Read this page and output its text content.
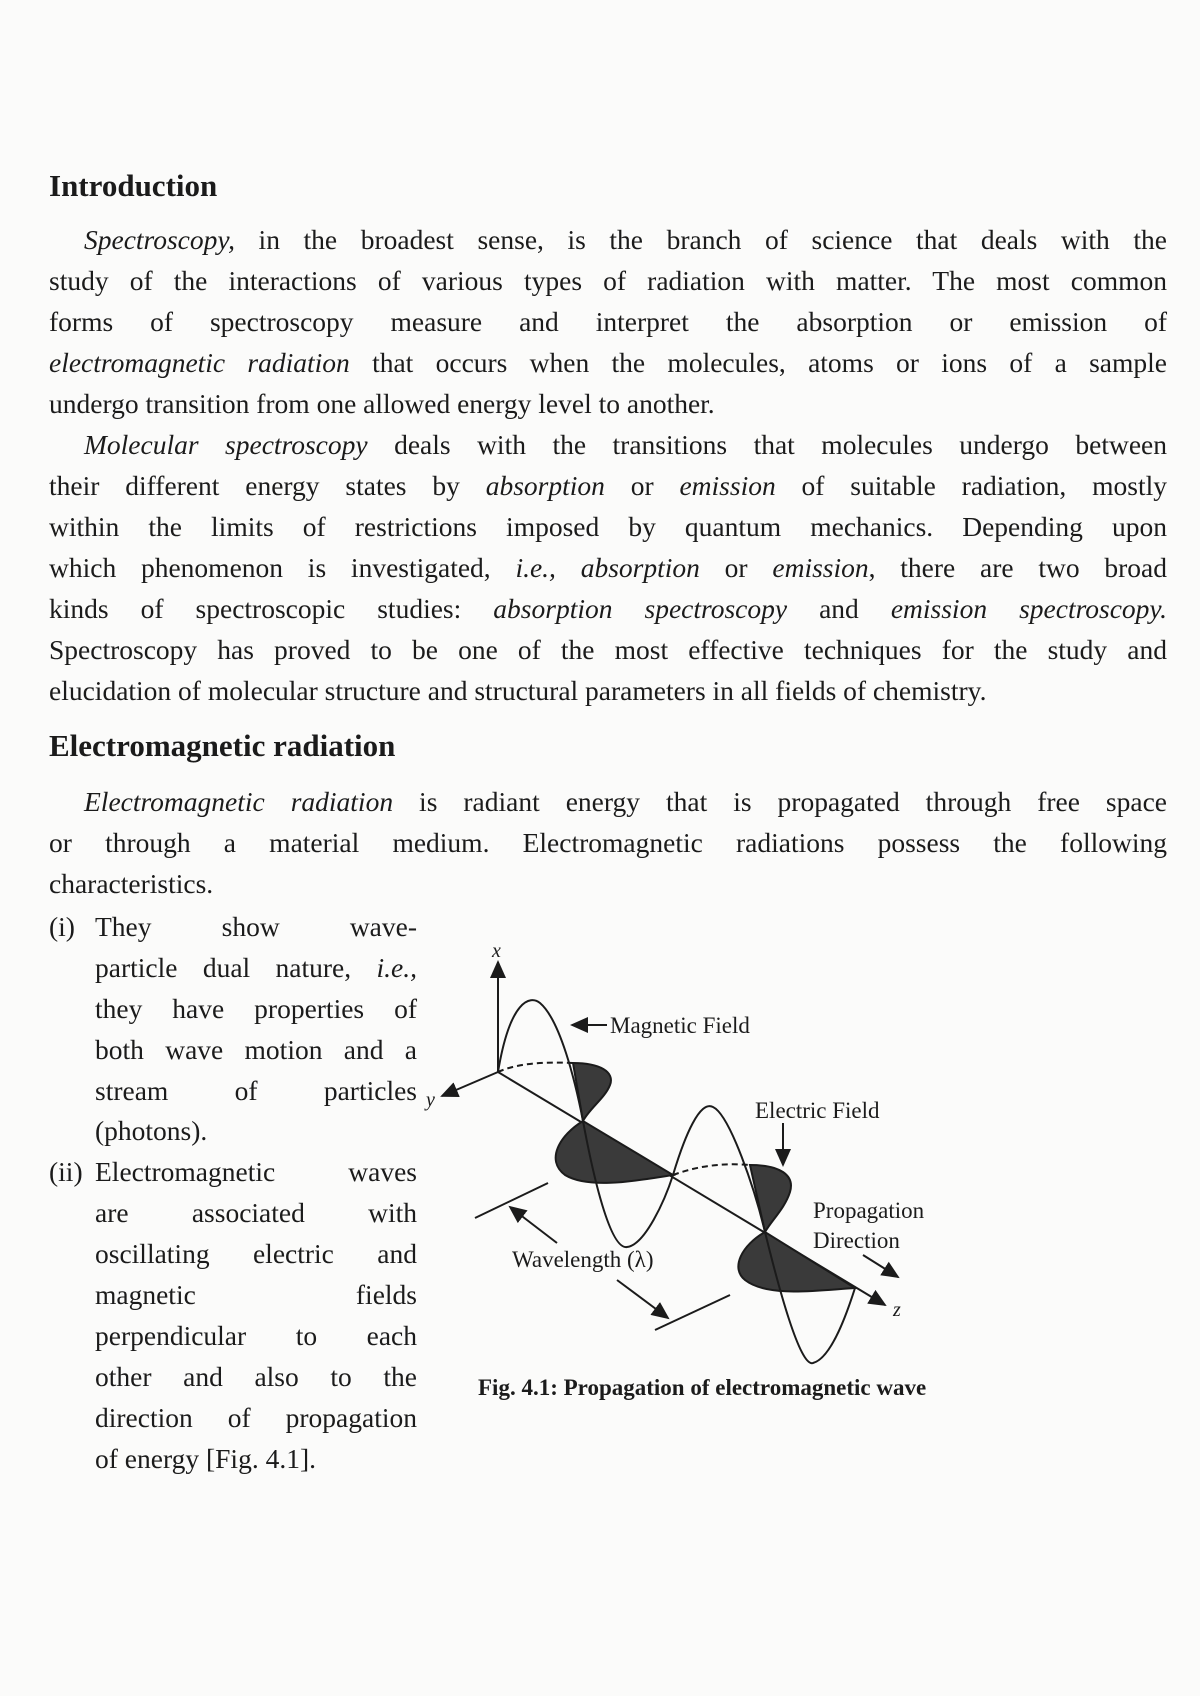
Introduction
Spectroscopy, in the broadest sense, is the branch of science that deals with the
study of the interactions of various types of radiation with matter. The most common
forms of spectroscopy measure and interpret the absorption or emission of
electromagnetic radiation that occurs when the molecules, atoms or ions of a sample
undergo transition from one allowed energy level to another.
Molecular spectroscopy deals with the transitions that molecules undergo between
their different energy states by absorption or emission of suitable radiation, mostly
within the limits of restrictions imposed by quantum mechanics. Depending upon
which phenomenon is investigated, i.e., absorption or emission, there are two broad
kinds of spectroscopic studies: absorption spectroscopy and emission spectroscopy.
Spectroscopy has proved to be one of the most effective techniques for the study and
elucidation of molecular structure and structural parameters in all fields of chemistry.
Electromagnetic radiation
Electromagnetic radiation is radiant energy that is propagated through free space
or through a material medium. Electromagnetic radiations possess the following
characteristics.
(i) They show wave-
particle dual nature, i.e.,
they have properties of
both wave motion and a
stream of particles
(photons).
(ii) Electromagnetic waves
are associated with
oscillating electric and
magnetic fields
perpendicular to each
other and also to the
direction of propagation
of energy [Fig. 4.1].
x
y
z
Magnetic Field
Electric Field
Propagation
Direction
Wavelength (λ)
Fig. 4.1: Propagation of electromagnetic wave
